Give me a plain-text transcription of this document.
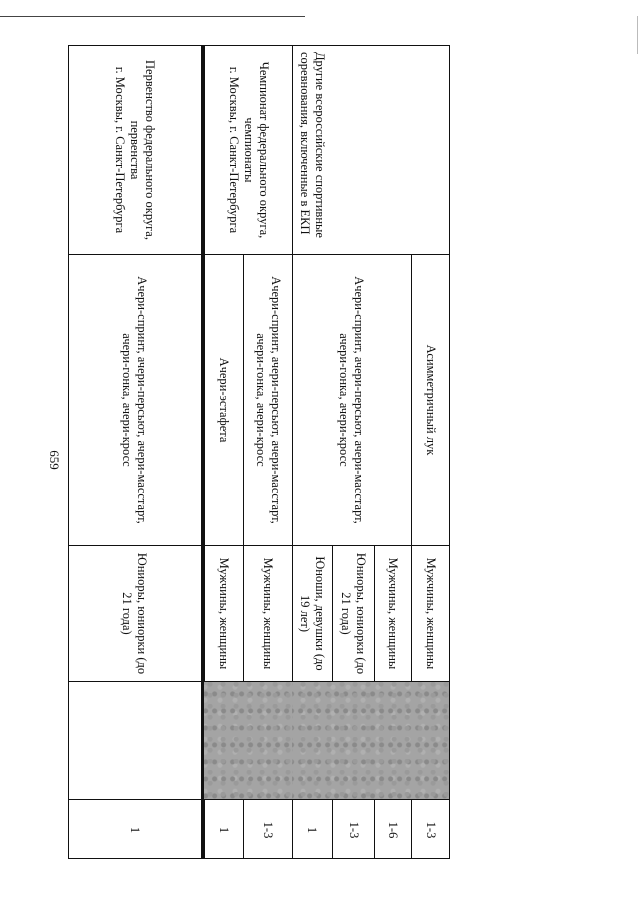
659
Другие всероссийские спортивные соревнования, включенные в ЕКП
Асимметричный лук
Ачери-спринт, ачери-персьют, ачери-масстарт, ачери-гонка, ачери-кросс
Мужчины, женщины
Мужчины, женщины
Юниоры, юниорки (до 21 года)
Юноши, девушки (до 19 лет)
1-3
1-6
1-3
1
Чемпионат федерального округа,
чемпионаты
г. Москвы, г. Санкт-Петербурга
Ачери-спринт, ачери-персьют, ачери-масстарт, ачери-гонка, ачери-кросс
Ачери-эстафета
Мужчины, женщины
Мужчины, женщины
1-3
1
Первенство федерального округа,
первенства
г. Москвы, г. Санкт-Петербурга
Ачери-спринт, ачери-персьют, ачери-масстарт, ачери-гонка, ачери-кросс
Юниоры, юниорки (до 21 года)
1
